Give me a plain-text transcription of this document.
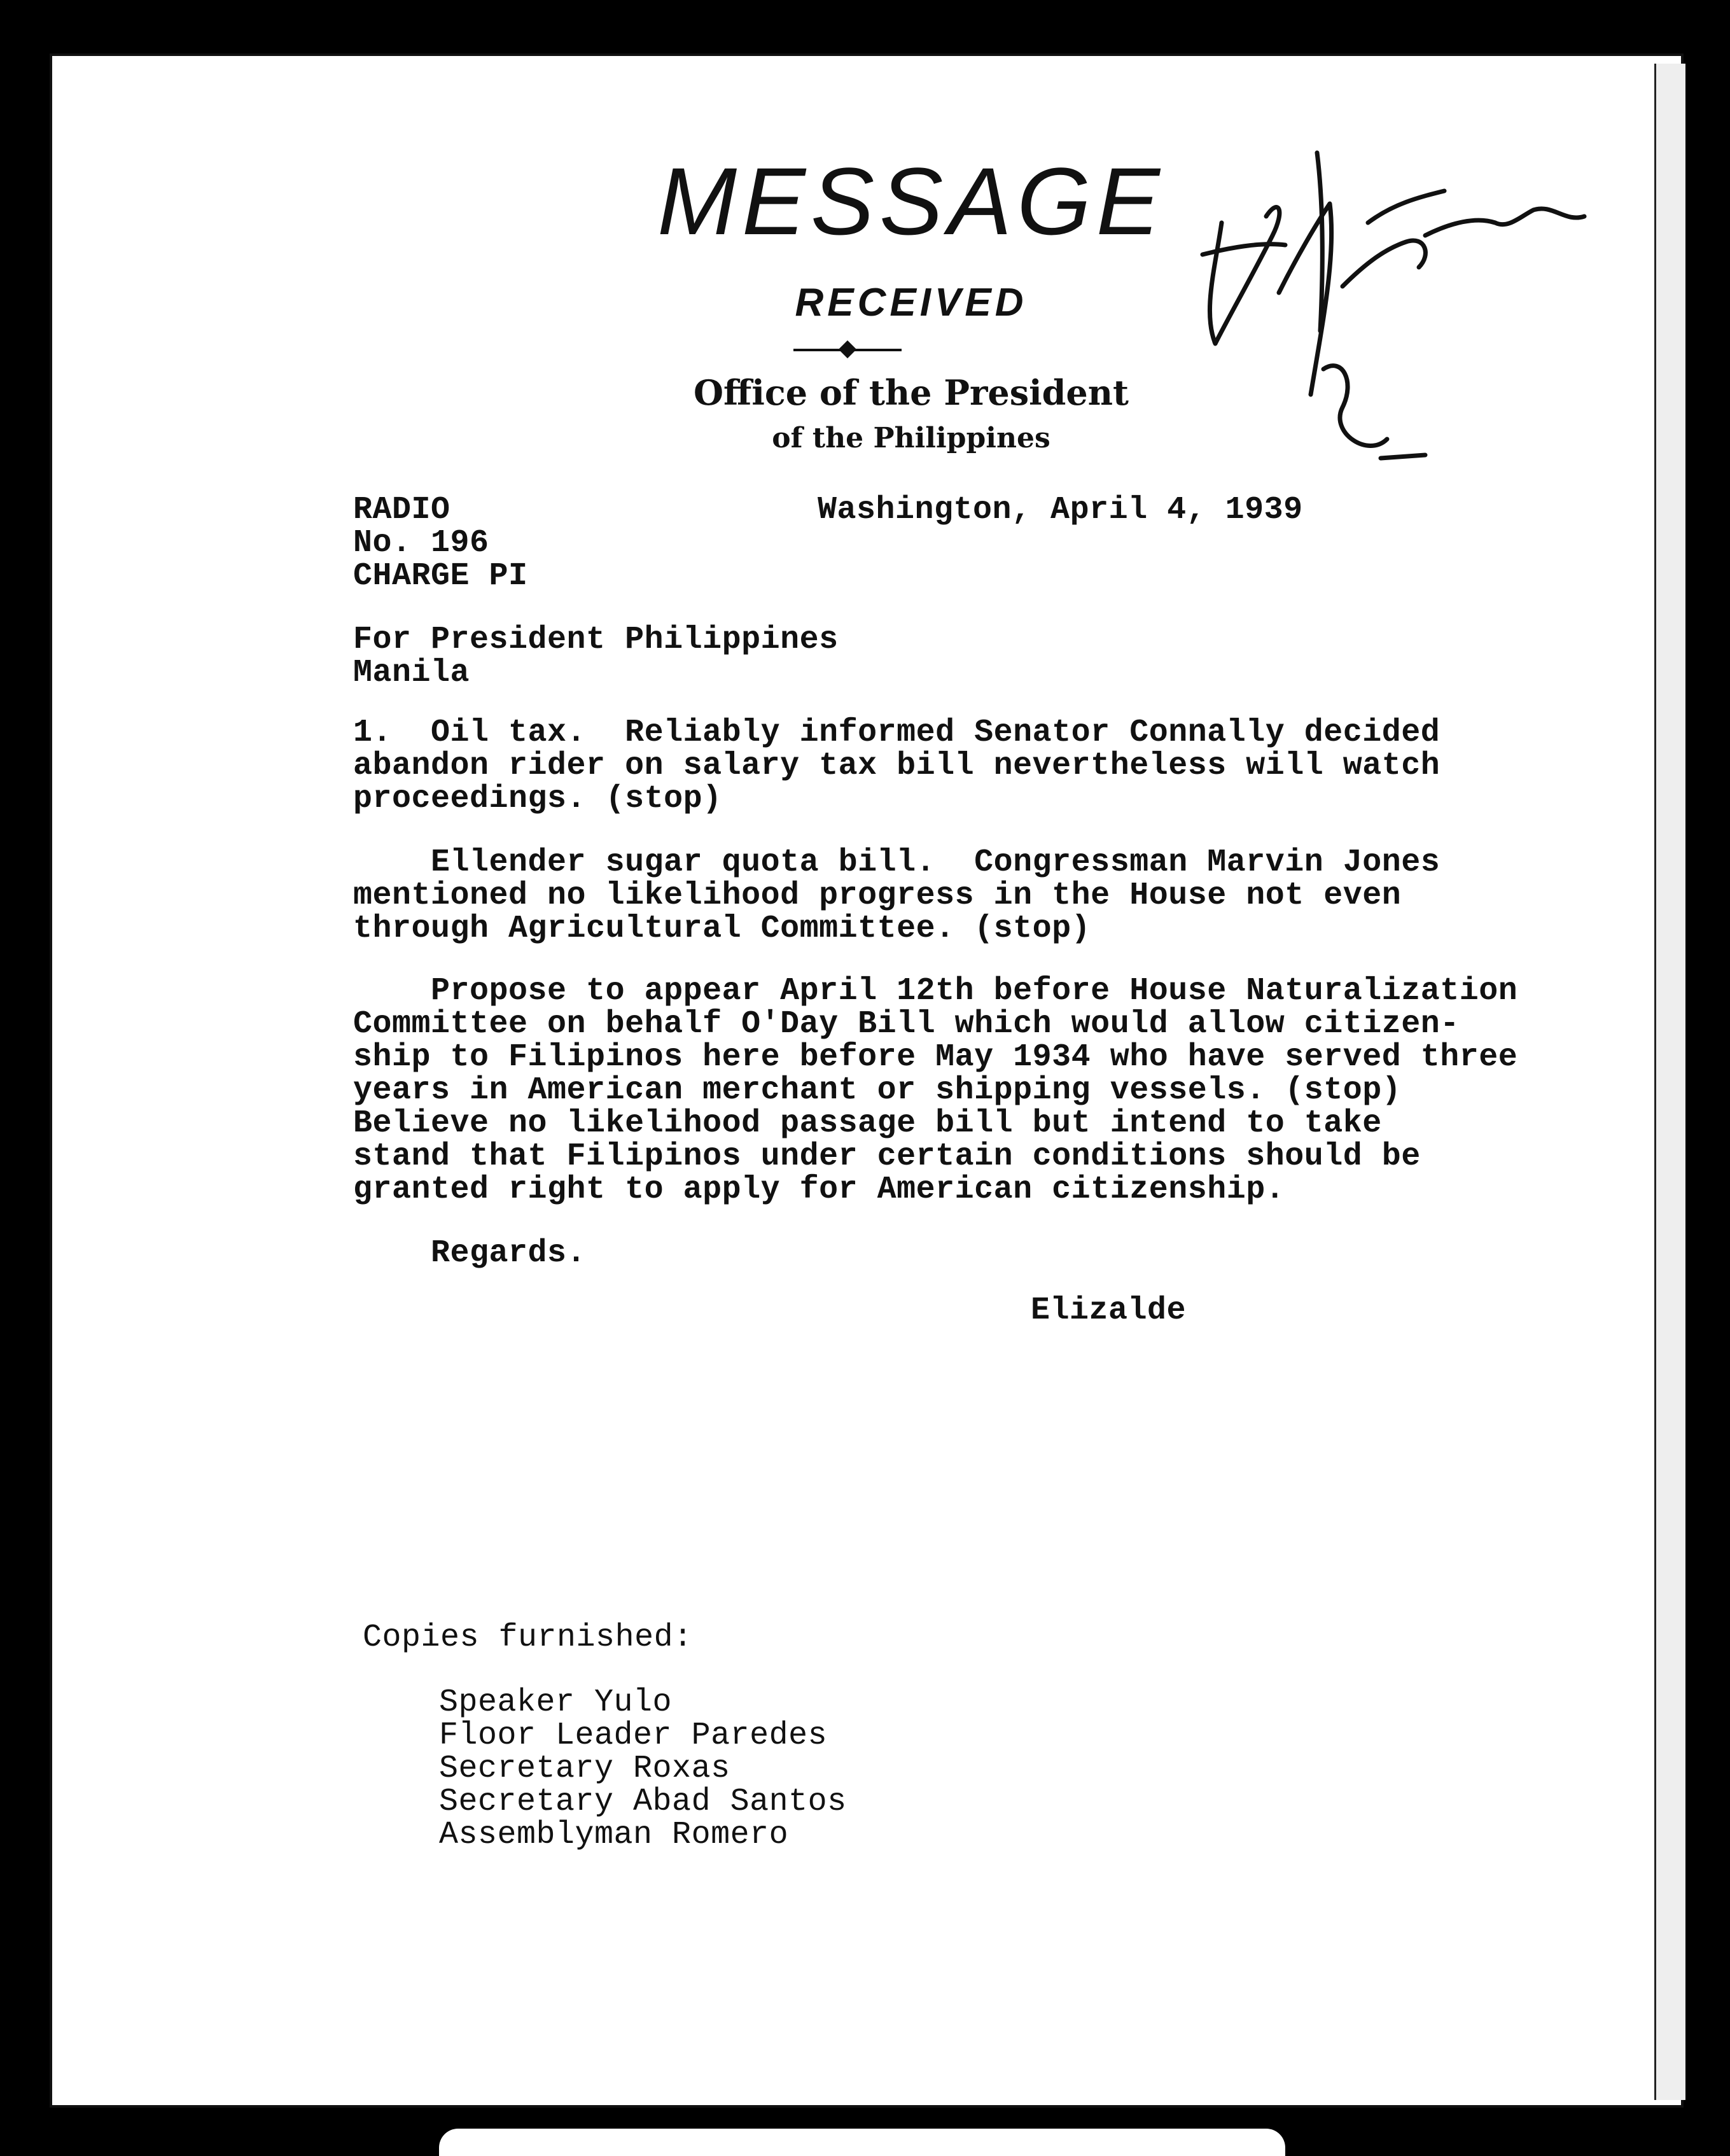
MESSAGE
RECEIVED
Office of the President
of the Philippines
RADIO
No. 196
CHARGE PI
Washington, April 4, 1939
For President Philippines
Manila
1.  Oil tax.  Reliably informed Senator Connally decided
abandon rider on salary tax bill nevertheless will watch
proceedings. (stop)
Ellender sugar quota bill.  Congressman Marvin Jones
mentioned no likelihood progress in the House not even
through Agricultural Committee. (stop)
Propose to appear April 12th before House Naturalization
Committee on behalf O'Day Bill which would allow citizen-
ship to Filipinos here before May 1934 who have served three
years in American merchant or shipping vessels. (stop)
Believe no likelihood passage bill but intend to take
stand that Filipinos under certain conditions should be
granted right to apply for American citizenship.
Regards.
Elizalde
Copies furnished:
Speaker Yulo
Floor Leader Paredes
Secretary Roxas
Secretary Abad Santos
Assemblyman Romero
